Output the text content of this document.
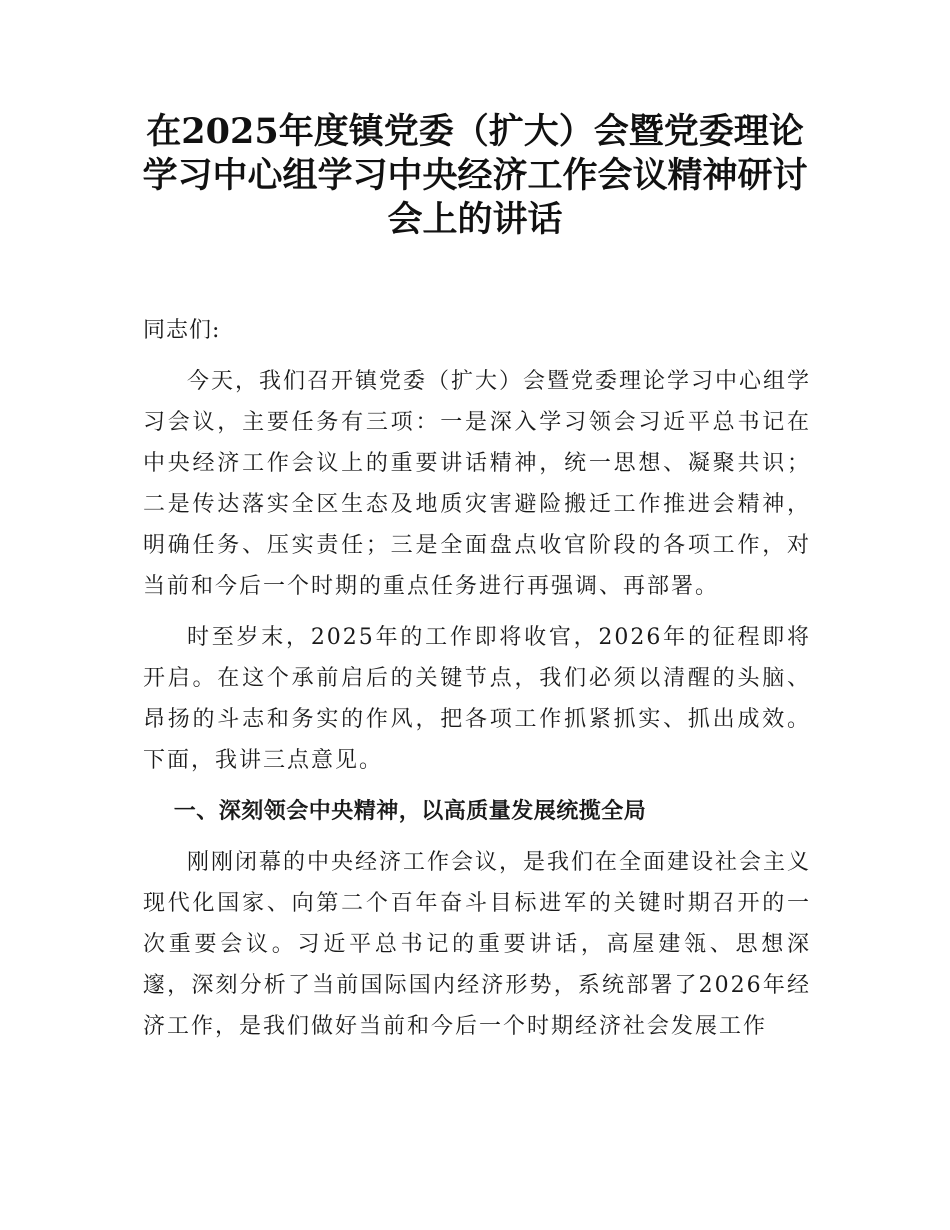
在2025年度镇党委（扩大）会暨党委理论学习中心组学习中央经济工作会议精神研讨会上的讲话

同志们:

今天，我们召开镇党委（扩大）会暨党委理论学习中心组学习会议，主要任务有三项：一是深入学习领会习近平总书记在中央经济工作会议上的重要讲话精神，统一思想、凝聚共识；二是传达落实全区生态及地质灾害避险搬迁工作推进会精神，明确任务、压实责任；三是全面盘点收官阶段的各项工作，对当前和今后一个时期的重点任务进行再强调、再部署。

时至岁末，2025年的工作即将收官，2026年的征程即将开启。在这个承前启后的关键节点，我们必须以清醒的头脑、昂扬的斗志和务实的作风，把各项工作抓紧抓实、抓出成效。下面，我讲三点意见。

一、深刻领会中央精神，以高质量发展统揽全局

刚刚闭幕的中央经济工作会议，是我们在全面建设社会主义现代化国家、向第二个百年奋斗目标进军的关键时期召开的一次重要会议。习近平总书记的重要讲话，高屋建瓴、思想深邃，深刻分析了当前国际国内经济形势，系统部署了2026年经济工作，是我们做好当前和今后一个时期经济社会发展工作
